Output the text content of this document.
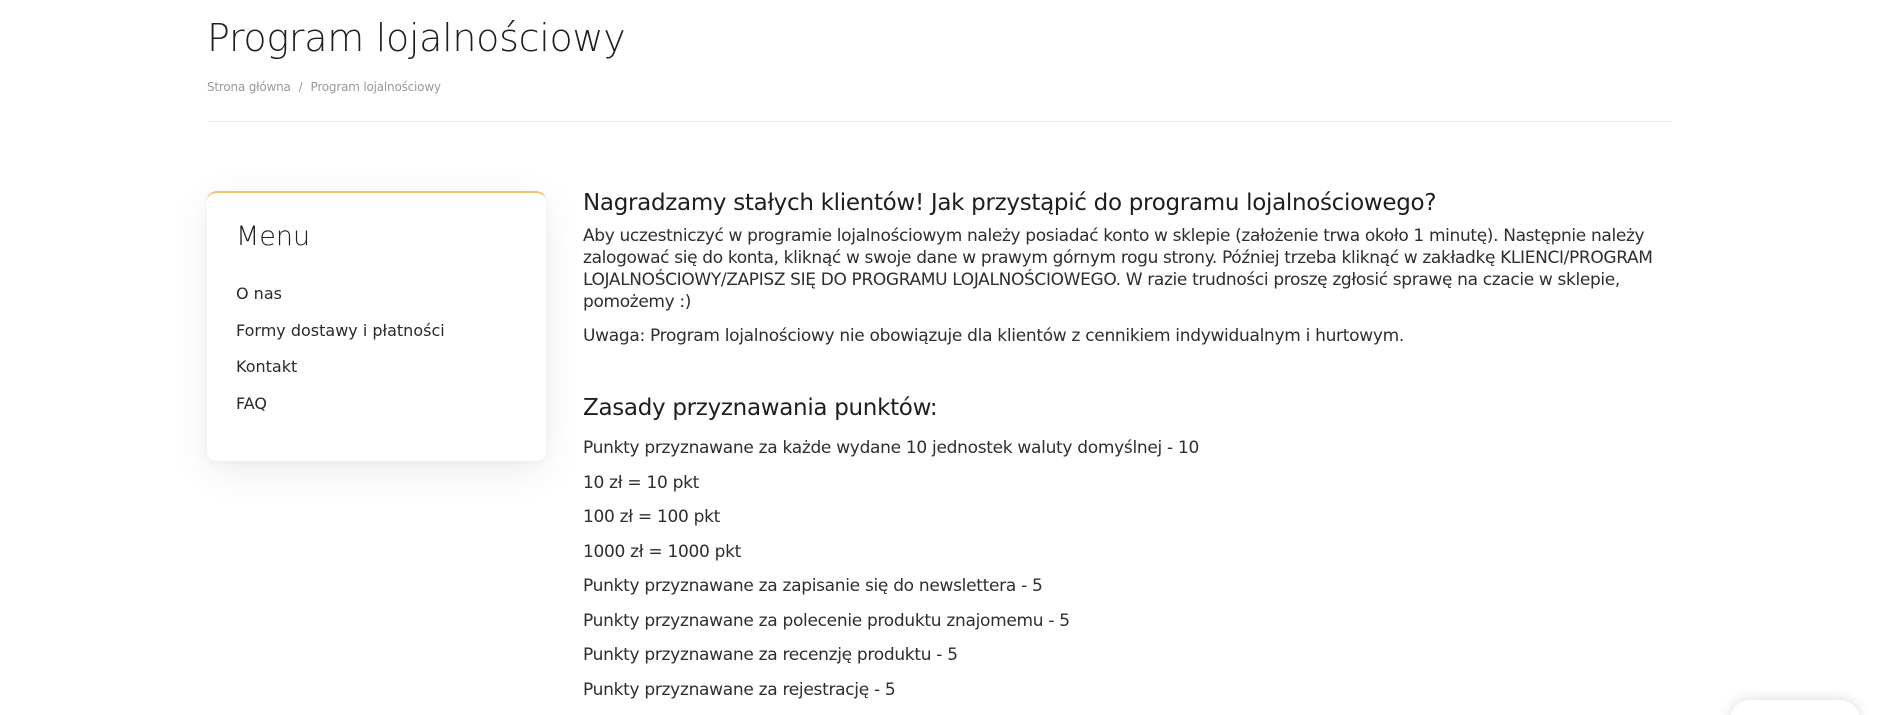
Program lojalnościowy
Strona główna / Program lojalnościowy
Menu
O nas
Formy dostawy i płatności
Kontakt
FAQ
Nagradzamy stałych klientów! Jak przystąpić do programu lojalnościowego?

Aby uczestniczyć w programie lojalnościowym należy posiadać konto w sklepie (założenie trwa około 1 minutę). Następnie należy zalogować się do konta, kliknąć w swoje dane w prawym górnym rogu strony. Później trzeba kliknąć w zakładkę KLIENCI/PROGRAM LOJALNOŚCIOWY/ZAPISZ SIĘ DO PROGRAMU LOJALNOŚCIOWEGO. W razie trudności proszę zgłosić sprawę na czacie w sklepie, pomożemy :)

Uwaga: Program lojalnościowy nie obowiązuje dla klientów z cennikiem indywidualnym i hurtowym.

Zasady przyznawania punktów:
Punkty przyznawane za każde wydane 10 jednostek waluty domyślnej - 10
10 zł = 10 pkt
100 zł = 100 pkt
1000 zł = 1000 pkt
Punkty przyznawane za zapisanie się do newslettera - 5
Punkty przyznawane za polecenie produktu znajomemu - 5
Punkty przyznawane za recenzję produktu - 5
Punkty przyznawane za rejestrację - 5
